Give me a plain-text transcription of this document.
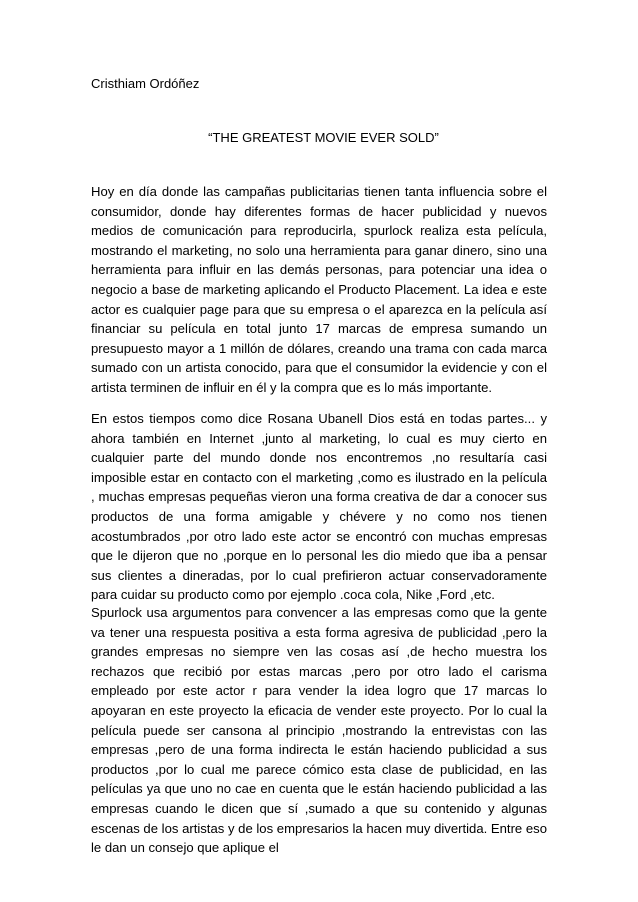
Cristhiam Ordóñez

“THE GREATEST MOVIE EVER SOLD”

Hoy en día donde las campañas publicitarias tienen tanta influencia sobre el consumidor, donde hay diferentes formas de hacer publicidad y nuevos medios de comunicación para reproducirla, spurlock realiza esta película, mostrando el marketing, no solo una herramienta para ganar dinero, sino una herramienta para influir en las demás personas, para potenciar una idea o negocio a base de marketing aplicando el Producto Placement. La idea e este actor es cualquier page para que su empresa o el aparezca en la película así financiar su película en total junto 17 marcas de empresa sumando un presupuesto mayor a 1 millón de dólares, creando una trama con cada marca sumado con un artista conocido, para que el consumidor la evidencie y con el artista terminen de influir en él y la compra que es lo más importante.

En estos tiempos como dice Rosana Ubanell Dios está en todas partes... y ahora también en Internet ,junto al marketing, lo cual es muy cierto en cualquier parte del mundo donde nos encontremos ,no resultaría casi imposible estar en contacto con el marketing ,como es ilustrado en la película , muchas empresas pequeñas vieron una forma creativa de dar a conocer sus productos de una forma amigable y chévere y no como nos tienen acostumbrados ,por otro lado este actor se encontró con muchas empresas que le dijeron que no ,porque en lo personal les dio miedo que iba a pensar sus clientes a dineradas, por lo cual prefirieron actuar conservadoramente para cuidar su producto como por ejemplo .coca cola, Nike ,Ford ,etc.

Spurlock usa argumentos para convencer a las empresas como que la gente va tener una respuesta positiva a esta forma agresiva de publicidad ,pero la grandes empresas no siempre ven las cosas así ,de hecho muestra los rechazos que recibió por estas marcas ,pero por otro lado el carisma empleado por este actor r para vender la idea logro que 17 marcas lo apoyaran en este proyecto la eficacia de vender este proyecto. Por lo cual la película puede ser cansona al principio ,mostrando la entrevistas con las empresas ,pero de una forma indirecta le están haciendo publicidad a sus productos ,por lo cual me parece cómico esta clase de publicidad, en las películas ya que uno no cae en cuenta que le están haciendo publicidad a las empresas cuando le dicen que sí ,sumado a que su contenido y algunas escenas de los artistas y de los empresarios la hacen muy divertida. Entre eso le dan un consejo que aplique el
